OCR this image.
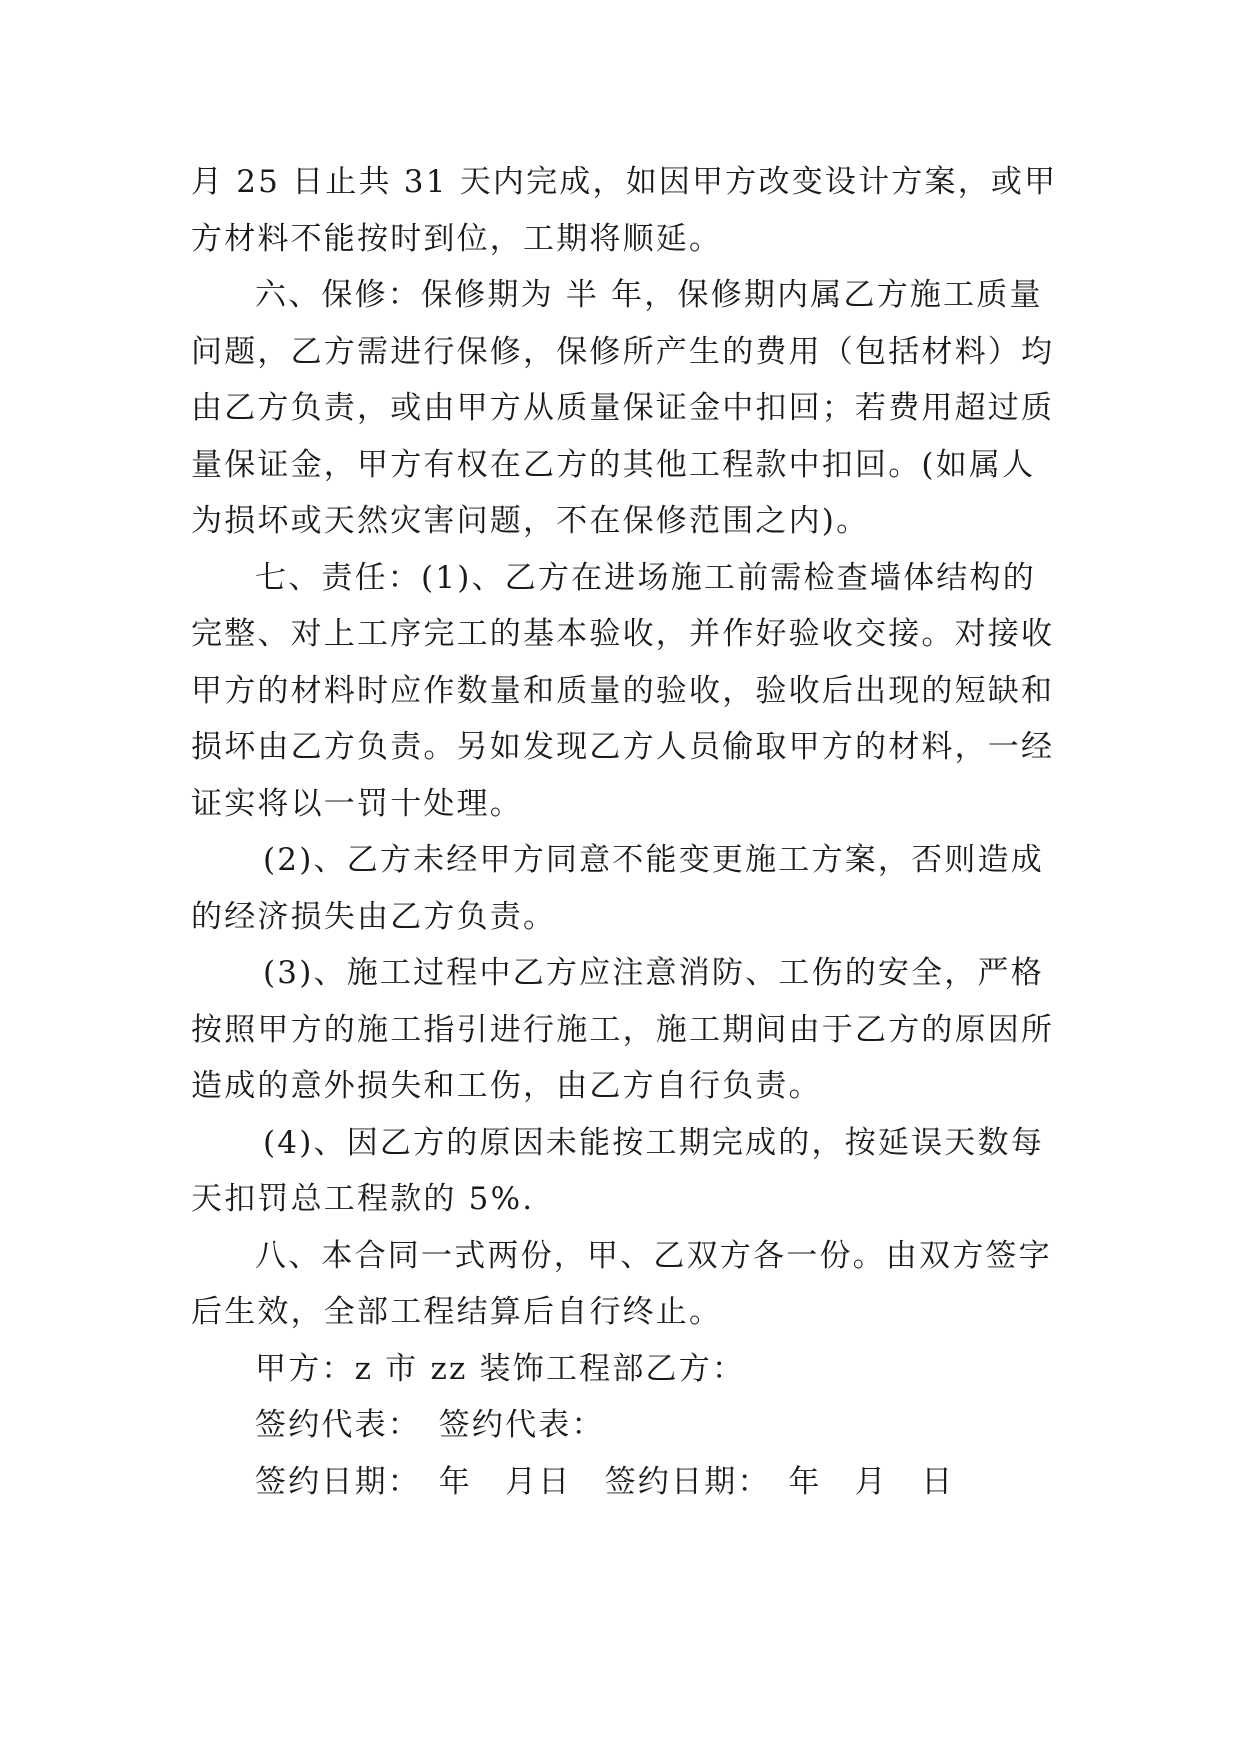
月 25 日止共 31 天内完成，如因甲方改变设计方案，或甲
方材料不能按时到位，工期将顺延。
六、保修：保修期为 半 年，保修期内属乙方施工质量
问题，乙方需进行保修，保修所产生的费用（包括材料）均
由乙方负责，或由甲方从质量保证金中扣回；若费用超过质
量保证金，甲方有权在乙方的其他工程款中扣回。(如属人
为损坏或天然灾害问题，不在保修范围之内)。
七、责任：(1)、乙方在进场施工前需检查墙体结构的
完整、对上工序完工的基本验收，并作好验收交接。对接收
甲方的材料时应作数量和质量的验收，验收后出现的短缺和
损坏由乙方负责。另如发现乙方人员偷取甲方的材料，一经
证实将以一罚十处理。
(2)、乙方未经甲方同意不能变更施工方案，否则造成
的经济损失由乙方负责。
(3)、施工过程中乙方应注意消防、工伤的安全，严格
按照甲方的施工指引进行施工，施工期间由于乙方的原因所
造成的意外损失和工伤，由乙方自行负责。
(4)、因乙方的原因未能按工期完成的，按延误天数每
天扣罚总工程款的 5%.
八、本合同一式两份，甲、乙双方各一份。由双方签字
后生效，全部工程结算后自行终止。
甲方：z 市 zz 装饰工程部乙方：
签约代表：　签约代表：
签约日期：　年　月日　签约日期：　年　月　日
